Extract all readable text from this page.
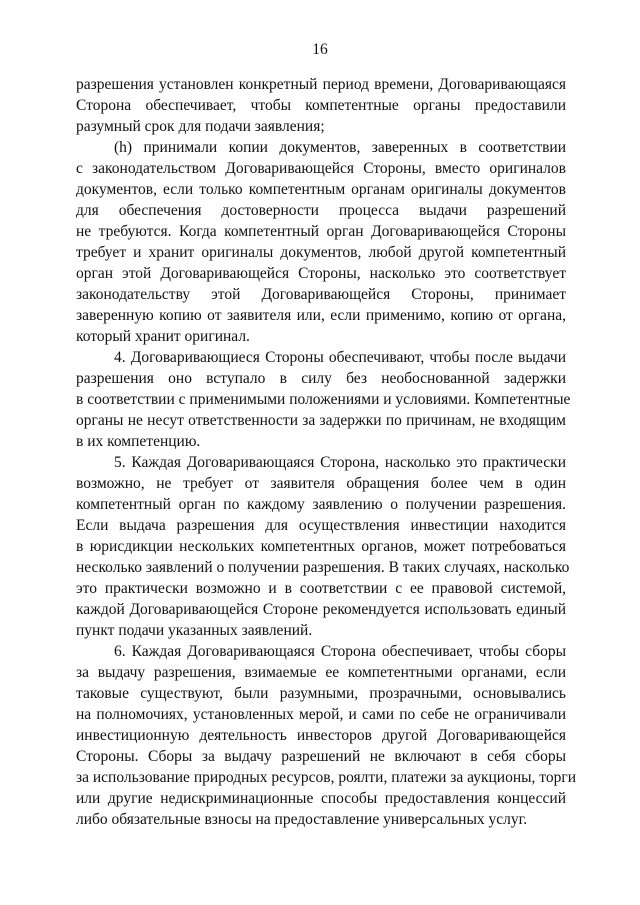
16

разрешения установлен конкретный период времени, Договаривающаяся
Сторона обеспечивает, чтобы компетентные органы предоставили
разумный срок для подачи заявления;

(h) принимали копии документов, заверенных в соответствии
с законодательством Договаривающейся Стороны, вместо оригиналов
документов, если только компетентным органам оригиналы документов
для обеспечения достоверности процесса выдачи разрешений
не требуются. Когда компетентный орган Договаривающейся Стороны
требует и хранит оригиналы документов, любой другой компетентный
орган этой Договаривающейся Стороны, насколько это соответствует
законодательству этой Договаривающейся Стороны, принимает
заверенную копию от заявителя или, если применимо, копию от органа,
который хранит оригинал.

4. Договаривающиеся Стороны обеспечивают, чтобы после выдачи
разрешения оно вступало в силу без необоснованной задержки
в соответствии с применимыми положениями и условиями. Компетентные
органы не несут ответственности за задержки по причинам, не входящим
в их компетенцию.

5. Каждая Договаривающаяся Сторона, насколько это практически
возможно, не требует от заявителя обращения более чем в один
компетентный орган по каждому заявлению о получении разрешения.
Если выдача разрешения для осуществления инвестиции находится
в юрисдикции нескольких компетентных органов, может потребоваться
несколько заявлений о получении разрешения. В таких случаях, насколько
это практически возможно и в соответствии с ее правовой системой,
каждой Договаривающейся Стороне рекомендуется использовать единый
пункт подачи указанных заявлений.

6. Каждая Договаривающаяся Сторона обеспечивает, чтобы сборы
за выдачу разрешения, взимаемые ее компетентными органами, если
таковые существуют, были разумными, прозрачными, основывались
на полномочиях, установленных мерой, и сами по себе не ограничивали
инвестиционную деятельность инвесторов другой Договаривающейся
Стороны. Сборы за выдачу разрешений не включают в себя сборы
за использование природных ресурсов, роялти, платежи за аукционы, торги
или другие недискриминационные способы предоставления концессий
либо обязательные взносы на предоставление универсальных услуг.
